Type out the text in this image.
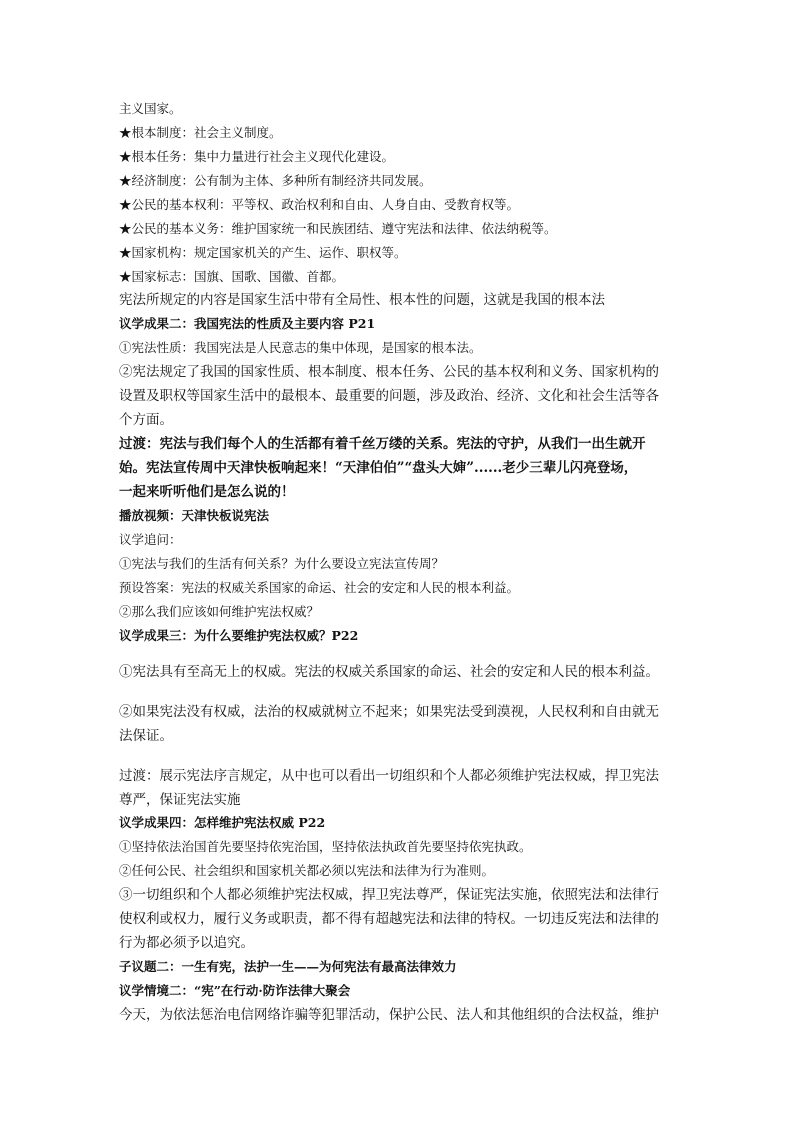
主义国家。
★根本制度：社会主义制度。
★根本任务：集中力量进行社会主义现代化建设。
★经济制度：公有制为主体、多种所有制经济共同发展。
★公民的基本权利：平等权、政治权利和自由、人身自由、受教育权等。
★公民的基本义务：维护国家统一和民族团结、遵守宪法和法律、依法纳税等。
★国家机构：规定国家机关的产生、运作、职权等。
★国家标志：国旗、国歌、国徽、首都。
宪法所规定的内容是国家生活中带有全局性、根本性的问题，这就是我国的根本法
议学成果二：我国宪法的性质及主要内容 P21
①宪法性质：我国宪法是人民意志的集中体现，是国家的根本法。
②宪法规定了我国的国家性质、根本制度、根本任务、公民的基本权利和义务、国家机构的
设置及职权等国家生活中的最根本、最重要的问题，涉及政治、经济、文化和社会生活等各
个方面。
过渡：宪法与我们每个人的生活都有着千丝万缕的关系。宪法的守护，从我们一出生就开
始。宪法宣传周中天津快板响起来！“天津伯伯”“盘头大婶”......老少三辈儿闪亮登场，
一起来听听他们是怎么说的！
播放视频：天津快板说宪法
议学追问：
①宪法与我们的生活有何关系？为什么要设立宪法宣传周？
预设答案：宪法的权威关系国家的命运、社会的安定和人民的根本利益。
②那么我们应该如何维护宪法权威？
议学成果三：为什么要维护宪法权威？P22
①宪法具有至高无上的权威。宪法的权威关系国家的命运、社会的安定和人民的根本利益。
②如果宪法没有权威，法治的权威就树立不起来；如果宪法受到漠视，人民权利和自由就无
法保证。
过渡：展示宪法序言规定，从中也可以看出一切组织和个人都必须维护宪法权威，捍卫宪法
尊严，保证宪法实施
议学成果四：怎样维护宪法权威 P22
①坚持依法治国首先要坚持依宪治国，坚持依法执政首先要坚持依宪执政。
②任何公民、社会组织和国家机关都必须以宪法和法律为行为准则。
③一切组织和个人都必须维护宪法权威，捍卫宪法尊严，保证宪法实施，依照宪法和法律行
使权利或权力，履行义务或职责，都不得有超越宪法和法律的特权。一切违反宪法和法律的
行为都必须予以追究。
子议题二：一生有宪，法护一生——为何宪法有最高法律效力
议学情境二：“宪”在行动·防诈法律大聚会
今天，为依法惩治电信网络诈骗等犯罪活动，保护公民、法人和其他组织的合法权益，维护
